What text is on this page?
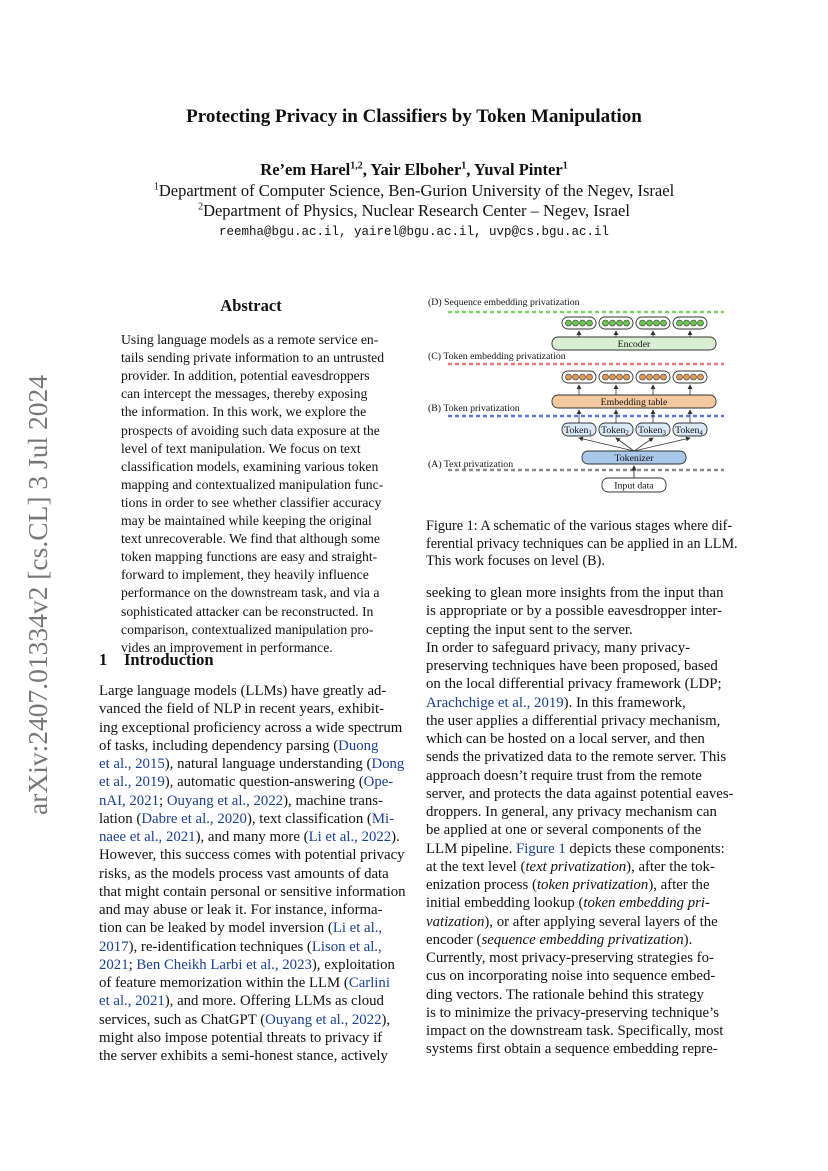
Protecting Privacy in Classifiers by Token Manipulation
Re’em Harel$^{1,2}$, Yair Elboher$^1$, Yuval Pinter$^1$
$^1$Department of Computer Science, Ben-Gurion University of the Negev, Israel
$^2$Department of Physics, Nuclear Research Center – Negev, Israel
reemha@bgu.ac.il, yairel@bgu.ac.il, uvp@cs.bgu.ac.il
arXiv:2407.01334v2 [cs.CL] 3 Jul 2024
Abstract
Using language models as a remote service en-
tails sending private information to an untrusted
provider. In addition, potential eavesdroppers
can intercept the messages, thereby exposing
the information. In this work, we explore the
prospects of avoiding such data exposure at the
level of text manipulation. We focus on text
classification models, examining various token
mapping and contextualized manipulation func-
tions in order to see whether classifier accuracy
may be maintained while keeping the original
text unrecoverable. We find that although some
token mapping functions are easy and straight-
forward to implement, they heavily influence
performance on the downstream task, and via a
sophisticated attacker can be reconstructed. In
comparison, contextualized manipulation pro-
vides an improvement in performance.
1 Introduction
Large language models (LLMs) have greatly ad-
vanced the field of NLP in recent years, exhibit-
ing exceptional proficiency across a wide spectrum
of tasks, including dependency parsing (Duong
et al., 2015), natural language understanding (Dong
et al., 2019), automatic question-answering (Ope-
nAI, 2021; Ouyang et al., 2022), machine trans-
lation (Dabre et al., 2020), text classification (Mi-
naee et al., 2021), and many more (Li et al., 2022).
However, this success comes with potential privacy
risks, as the models process vast amounts of data
that might contain personal or sensitive information
and may abuse or leak it. For instance, informa-
tion can be leaked by model inversion (Li et al.,
2017), re-identification techniques (Lison et al.,
2021; Ben Cheikh Larbi et al., 2023), exploitation
of feature memorization within the LLM (Carlini
et al., 2021), and more. Offering LLMs as cloud
services, such as ChatGPT (Ouyang et al., 2022),
might also impose potential threats to privacy if
the server exhibits a semi-honest stance, actively
seeking to glean more insights from the input than
is appropriate or by a possible eavesdropper inter-
cepting the input sent to the server.
In order to safeguard privacy, many privacy-
preserving techniques have been proposed, based
on the local differential privacy framework (LDP;
Arachchige et al., 2019). In this framework,
the user applies a differential privacy mechanism,
which can be hosted on a local server, and then
sends the privatized data to the remote server. This
approach doesn’t require trust from the remote
server, and protects the data against potential eaves-
droppers. In general, any privacy mechanism can
be applied at one or several components of the
LLM pipeline. Figure 1 depicts these components:
at the text level (text privatization), after the tok-
enization process (token privatization), after the
initial embedding lookup (token embedding pri-
vatization), or after applying several layers of the
encoder (sequence embedding privatization).
Currently, most privacy-preserving strategies fo-
cus on incorporating noise into sequence embed-
ding vectors. The rationale behind this strategy
is to minimize the privacy-preserving technique’s
impact on the downstream task. Specifically, most
systems first obtain a sequence embedding repre-
(D) Sequence embedding privatization
Encoder
(C) Token embedding privatization
Embedding table
(B) Token privatization
Token$_1$ Token$_2$ Token$_3$ Token$_4$
Tokenizer
(A) Text privatization
Input data
Figure 1: A schematic of the various stages where dif-
ferential privacy techniques can be applied in an LLM.
This work focuses on level (B).
